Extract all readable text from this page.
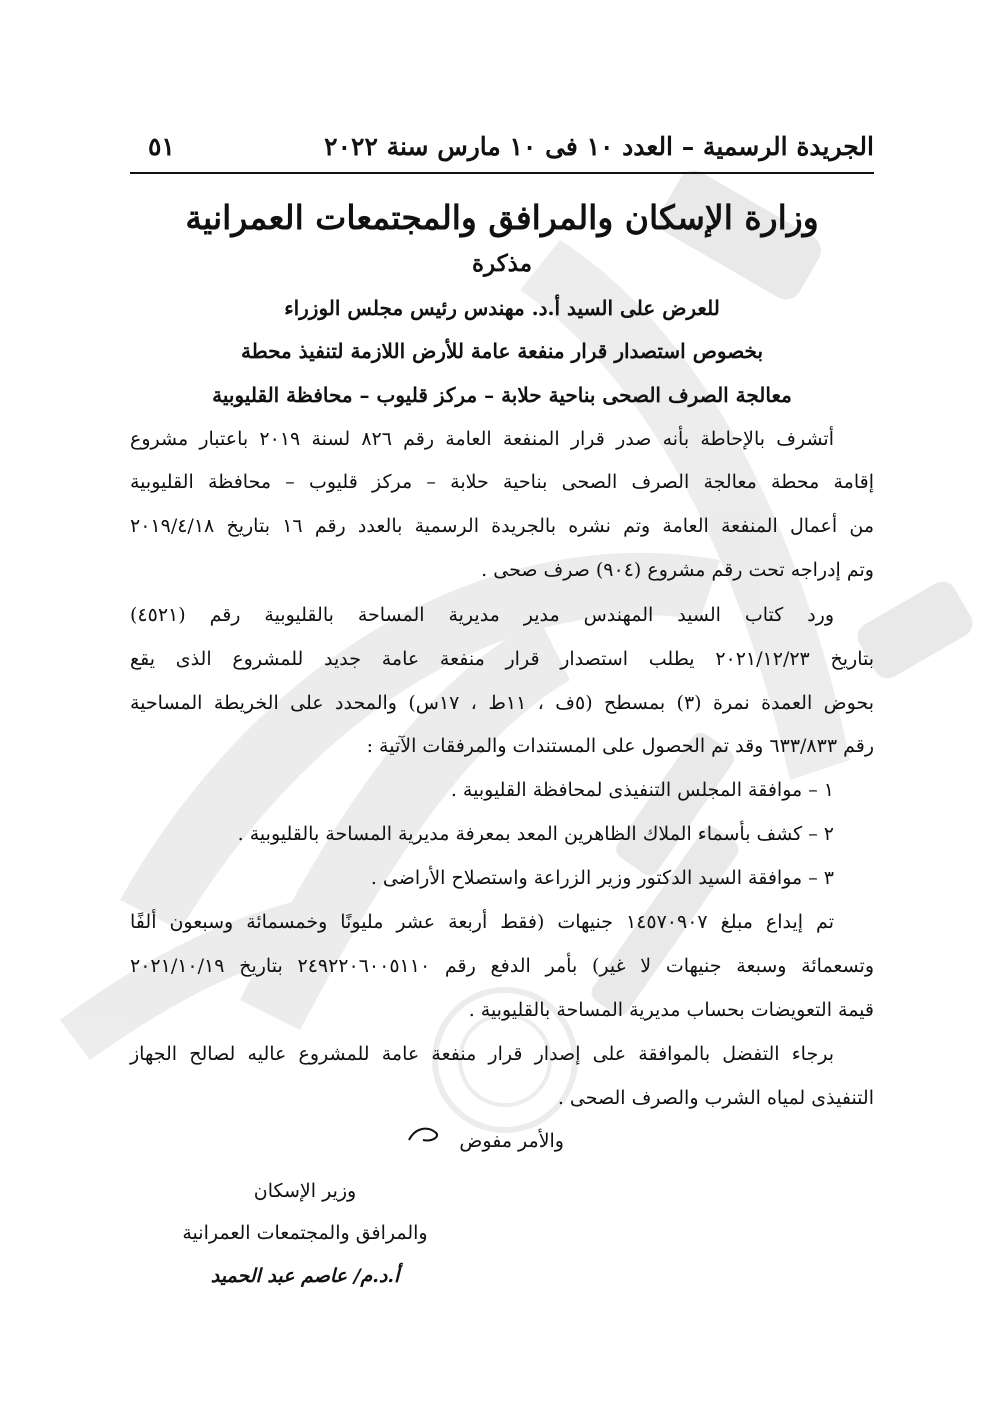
الجريدة الرسمية – العدد ١٠ فى ١٠ مارس سنة ٢٠٢٢
٥١
وزارة الإسكان والمرافق والمجتمعات العمرانية
مذكرة
للعرض على السيد أ.د. مهندس رئيس مجلس الوزراء
بخصوص استصدار قرار منفعة عامة للأرض اللازمة لتنفيذ محطة
معالجة الصرف الصحى بناحية حلابة – مركز قليوب – محافظة القليوبية
أتشرف بالإحاطة بأنه صدر قرار المنفعة العامة رقم ٨٢٦ لسنة ٢٠١٩ باعتبار مشروع
إقامة محطة معالجة الصرف الصحى بناحية حلابة – مركز قليوب – محافظة القليوبية
من أعمال المنفعة العامة وتم نشره بالجريدة الرسمية بالعدد رقم ١٦ بتاريخ ٢٠١٩/٤/١٨
وتم إدراجه تحت رقم مشروع (٩٠٤) صرف صحى .
ورد كتاب السيد المهندس مدير مديرية المساحة بالقليوبية رقم (٤٥٢١)
بتاريخ ٢٠٢١/١٢/٢٣ يطلب استصدار قرار منفعة عامة جديد للمشروع الذى يقع
بحوض العمدة نمرة (٣) بمسطح (٥ف ، ١١ط ، ١٧س) والمحدد على الخريطة المساحية
رقم ٦٣٣/٨٣٣ وقد تم الحصول على المستندات والمرفقات الآتية :
١ – موافقة المجلس التنفيذى لمحافظة القليوبية .
٢ – كشف بأسماء الملاك الظاهرين المعد بمعرفة مديرية المساحة بالقليوبية .
٣ – موافقة السيد الدكتور وزير الزراعة واستصلاح الأراضى .
تم إيداع مبلغ ١٤٥٧٠٩٠٧ جنيهات (فقط أربعة عشر مليونًا وخمسمائة وسبعون ألفًا
وتسعمائة وسبعة جنيهات لا غير) بأمر الدفع رقم ٢٤٩٢٢٠٦٠٠٥١١٠ بتاريخ ٢٠٢١/١٠/١٩
قيمة التعويضات بحساب مديرية المساحة بالقليوبية .
برجاء التفضل بالموافقة على إصدار قرار منفعة عامة للمشروع عاليه لصالح الجهاز
التنفيذى لمياه الشرب والصرف الصحى .
والأمر مفوض
وزير الإسكان
والمرافق والمجتمعات العمرانية
أ.د.م/ عاصم عبد الحميد
